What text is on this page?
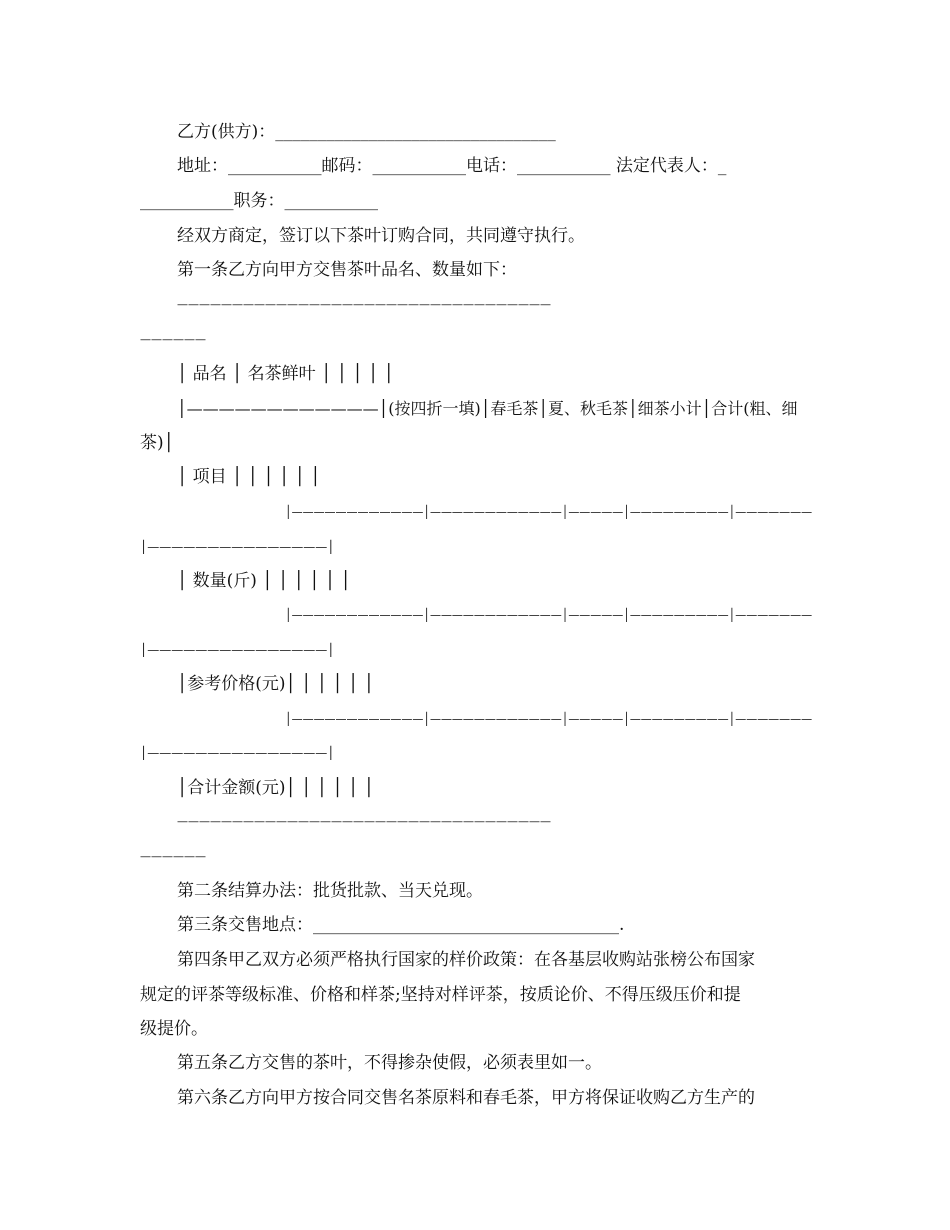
乙方(供方)：_________________________________
地址：___________邮码：___________电话：___________ 法定代表人：_
___________职务：___________
经双方商定，签订以下茶叶订购合同，共同遵守执行。
第一条乙方向甲方交售茶叶品名、数量如下：
——————————————————————————————————
——————
│ 品名 │ 名茶鲜叶 │ │ │ │ │
│————————————│(按四折一填)│春毛茶│夏、秋毛茶│细茶小计│合计(粗、细
茶)│
│ 项目 │ │ │ │ │ │
│————————————│————————————│—————│—————————│———————
│———————————————│
│ 数量(斤) │ │ │ │ │ │
│————————————│————————————│—————│—————————│———————
│———————————————│
│参考价格(元)│ │ │ │ │ │
│————————————│————————————│—————│—————————│———————
│———————————————│
│合计金额(元)│ │ │ │ │ │
——————————————————————————————————
——————
第二条结算办法：批货批款、当天兑现。
第三条交售地点：____________________________________.
第四条甲乙双方必须严格执行国家的样价政策：在各基层收购站张榜公布国家
规定的评茶等级标准、价格和样茶;坚持对样评茶，按质论价、不得压级压价和提
级提价。
第五条乙方交售的茶叶，不得掺杂使假，必须表里如一。
第六条乙方向甲方按合同交售名茶原料和春毛茶，甲方将保证收购乙方生产的
